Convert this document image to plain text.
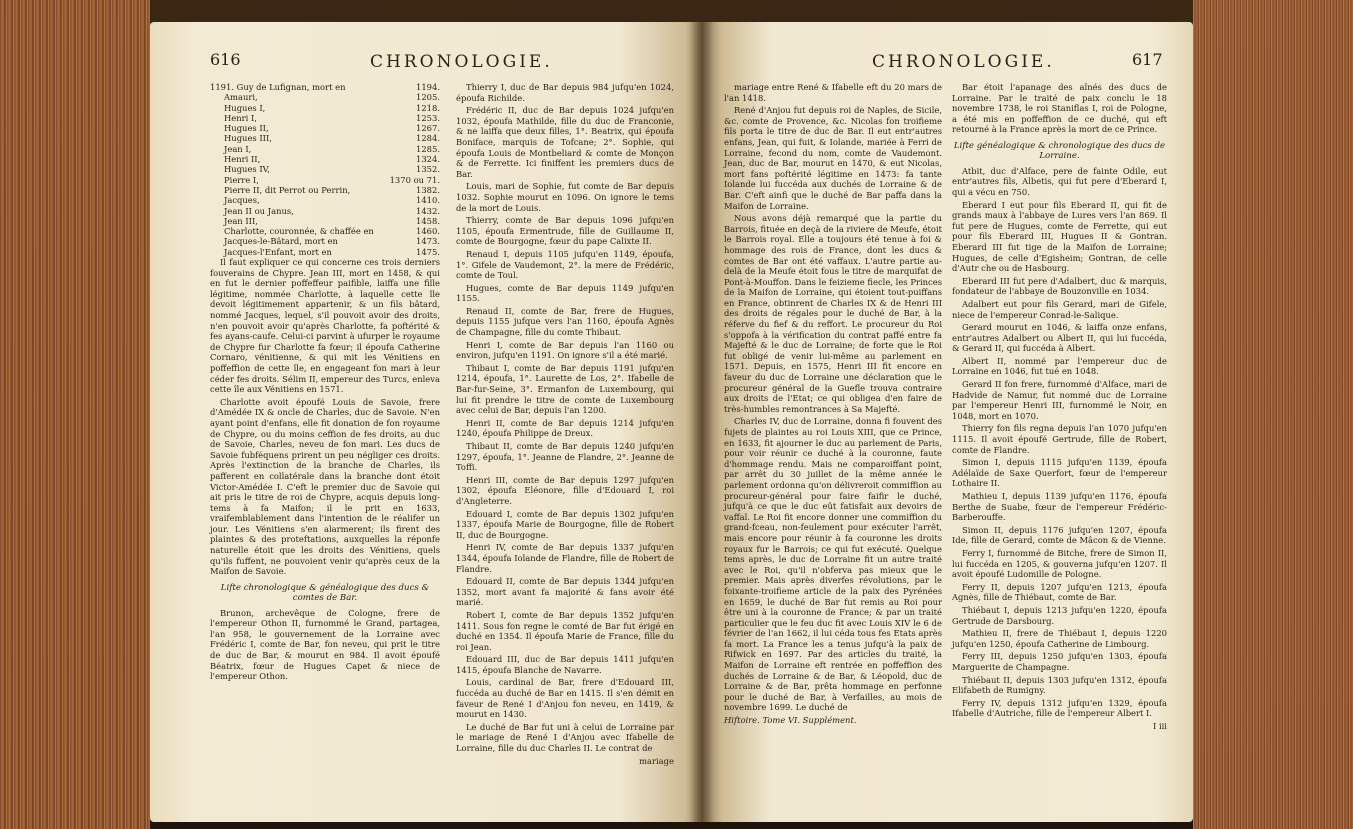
616	CHRONOLOGIE.
1191. Guy de Lufignan, mort en	1194.
Amauri,	1205.
Hugues I,	1218.
Henri I,	1253.
Hugues II,	1267.
Hugues III,	1284.
Jean I,	1285.
Henri II,	1324.
Hugues IV,	1352.
Pierre I,	1370 ou 71.
Pierre II, dit Perrot ou Perrin,	1382.
Jacques,	1410.
Jean II ou Janus,	1432.
Jean III,	1458.
Charlotte, couronnée, & chaffée en	1460.
Jacques-le-Bâtard, mort en	1473.
Jacques-l'Enfant, mort en	1475.

Il faut expliquer ce qui concerne ces trois derniers fouverains de Chypre. Jean III, mort en 1458, & qui en fut le dernier poffeffeur paifible, laiffa une fille légitime, nommée Charlotte, à laquelle cette île devoit légitimement appartenir, & un fils bâtard, nommé Jacques, lequel, s'il pouvoit avoir des droits, n'en pouvoit avoir qu'après Charlotte, fa poftérité & fes ayans-caufe. Celui-ci parvint à ufurper le royaume de Chypre fur Charlotte fa fœur; il époufa Catherine Cornaro, vénitienne, & qui mit les Vénitiens en poffeffion de cette île, en engageant fon mari à leur céder fes droits. Sélim II, empereur des Turcs, enleva cette île aux Vénitiens en 1571.

Charlotte avoit époufé Louis de Savoie, frere d'Amédée IX & oncle de Charles, duc de Savoie. N'en ayant point d'enfans, elle fit donation de fon royaume de Chypre, ou du moins ceffion de fes droits, au duc de Savoie, Charles, neveu de fon mari. Les ducs de Savoie fubféquens prirent un peu négliger ces droits. Après l'extinction de la branche de Charles, ils pafferent en collatérale dans la branche dont étoit Victor-Amédée I. C'eft le premier duc de Savoie qui ait pris le titre de roi de Chypre, acquis depuis long-tems à fa Maifon; il le prit en 1633, vraifemblablement dans l'intention de le réalifer un jour. Les Vénitiens s'en alarmerent; ils firent des plaintes & des proteftations, auxquelles la réponfe naturelle étoit que les droits des Vénitiens, quels qu'ils fuffent, ne pouvoient venir qu'après ceux de la Maifon de Savoie.

Lifte chronologique & généalogique des ducs & comtes de Bar.

Brunon, archevêque de Cologne, frere de l'empereur Othon II, furnommé le Grand, partagea, l'an 958, le gouvernement de la Lorraine avec Frédéric I, comte de Bar, fon neveu, qui prit le titre de duc de Bar, & mourut en 984. Il avoit époufé Béatrix, fœur de Hugues Capet & niece de l'empereur Othon.

Thierry I, duc de Bar depuis 984 jufqu'en 1024, époufa Richilde.

Frédéric II, duc de Bar depuis 1024 jufqu'en 1032, époufa Mathilde, fille du duc de Franconie, & ne laiffa que deux filles, 1°. Beatrix, qui époufa Boniface, marquis de Tofcane; 2°. Sophie, qui époufa Louis de Montbeliard & comte de Monçon & de Ferrette. Ici finiffent les premiers ducs de Bar.

Louis, mari de Sophie, fut comte de Bar depuis 1032. Sophie mourut en 1096. On ignore le tems de la mort de Louis.

Thierry, comte de Bar depuis 1096 jufqu'en 1105, époufa Ermentrude, fille de Guillaume II, comte de Bourgogne, fœur du pape Calixte II.

Renaud I, depuis 1105 jufqu'en 1149, époufa, 1°. Gifele de Vaudemont, 2°. la mere de Frédéric, comte de Toul.

Hugues, comte de Bar depuis 1149 jufqu'en 1155.

Renaud II, comte de Bar, frere de Hugues, depuis 1155 jufque vers l'an 1160, époufa Agnès de Champagne, fille du comte Thibaut.

Henri I, comte de Bar depuis l'an 1160 ou environ, jufqu'en 1191. On ignore s'il a été marié.

Thibaut I, comte de Bar depuis 1191 jufqu'en 1214, époufa, 1°. Laurette de Los, 2°. Ifabelle de Bar-fur-Seine, 3°. Ermanfon de Luxembourg, qui lui fit prendre le titre de comte de Luxembourg avec celui de Bar, depuis l'an 1200.

Henri II, comte de Bar depuis 1214 jufqu'en 1240, époufa Philippe de Dreux.

Thibaut II, comte de Bar depuis 1240 jufqu'en 1297, époufa, 1°. Jeanne de Flandre, 2°. Jeanne de Toffi.

Henri III, comte de Bar depuis 1297 jufqu'en 1302, époufa Eléonore, fille d'Edouard I, roi d'Angleterre.

Edouard I, comte de Bar depuis 1302 jufqu'en 1337, époufa Marie de Bourgogne, fille de Robert II, duc de Bourgogne.

Henri IV, comte de Bar depuis 1337 jufqu'en 1344, époufa Iolande de Flandre, fille de Robert de Flandre.

Edouard II, comte de Bar depuis 1344 jufqu'en 1352, mort avant fa majorité & fans avoir été marié.

Robert I, comte de Bar depuis 1352 jufqu'en 1411. Sous fon regne le comté de Bar fut érigé en duché en 1354. Il époufa Marie de France, fille du roi Jean.

Edouard III, duc de Bar depuis 1411 jufqu'en 1415, époufa Blanche de Navarre.

Louis, cardinal de Bar, frere d'Edouard III, fuccéda au duché de Bar en 1415. Il s'en démit en faveur de René I d'Anjou fon neveu, en 1419, & mourut en 1430.

Le duché de Bar fut uni à celui de Lorraine par le mariage de René I d'Anjou avec Ifabelle de Lorraine, fille du duc Charles II. Le contrat de

mariage
CHRONOLOGIE.	617

mariage entre René & Ifabelle eft du 20 mars de l'an 1418.

René d'Anjou fut depuis roi de Naples, de Sicile, &c. comte de Provence, &c. Nicolas fon troifieme fils porta le titre de duc de Bar. Il eut entr'autres enfans, Jean, qui fuit, & Iolande, mariée à Ferri de Lorraine, fecond du nom, comte de Vaudemont. Jean, duc de Bar, mourut en 1470, & eut Nicolas, mort fans poftérité légitime en 1473: fa tante Iolande lui fuccéda aux duchés de Lorraine & de Bar. C'eft ainfi que le duché de Bar paffa dans la Maifon de Lorraine.

Nous avons déjà remarqué que la partie du Barrois, fituée en deçà de la riviere de Meufe, étoit le Barrois royal. Elle a toujours été tenue à foi & hommage des rois de France, dont les ducs & comtes de Bar ont été vaffaux. L'autre partie au-delà de la Meufe étoit fous le titre de marquifat de Pont-à-Mouffon. Dans le feizieme fiecle, les Princes de la Maifon de Lorraine, qui étoient tout-puiffans en France, obtinrent de Charles IX & de Henri III des droits de régales pour le duché de Bar, à la réferve du fief & du reffort. Le procureur du Roi s'oppofa à la vérification du contrat paffé entre fa Majefté & le duc de Lorraine; de forte que le Roi fut obligé de venir lui-même au parlement en 1571. Depuis, en 1575, Henri III fit encore en faveur du duc de Lorraine une déclaration que le procureur général de la Guefle trouva contraire aux droits de l'Etat; ce qui obligea d'en faire de très-humbles remontrances à Sa Majefté.

Charles IV, duc de Lorraine, donna fi fouvent des fujets de plaintes au roi Louis XIII, que ce Prince, en 1633, fit ajourner le duc au parlement de Paris, pour voir réunir ce duché à la couronne, faute d'hommage rendu. Mais ne comparoiffant point, par arrêt du 30 juillet de la même année le parlement ordonna qu'on délivreroit commiffion au procureur-général pour faire faifir le duché, jufqu'à ce que le duc eût fatisfait aux devoirs de vaffal. Le Roi fit encore donner une commiffion du grand-fceau, non-feulement pour exécuter l'arrêt, mais encore pour réunir à fa couronne les droits royaux fur le Barrois; ce qui fut exécuté. Quelque tems après, le duc de Lorraine fit un autre traité avec le Roi, qu'il n'obferva pas mieux que le premier. Mais après diverfes révolutions, par le foixante-troifieme article de la paix des Pyrénées en 1659, le duché de Bar fut remis au Roi pour être uni à la couronne de France; & par un traité particulier que le feu duc fit avec Louis XIV le 6 de février de l'an 1662, il lui céda tous fes Etats après fa mort. La France les a tenus jufqu'à la paix de Rifwick en 1697. Par des articles du traité, la Maifon de Lorraine eft rentrée en poffeffion des duchés de Lorraine & de Bar, & Léopold, duc de Lorraine & de Bar, prêta hommage en perfonne pour le duché de Bar, à Verfailles, au mois de novembre 1699. Le duché de

Hiftoire. Tome VI. Supplément.

Bar étoit l'apanage des aînés des ducs de Lorraine. Par le traité de paix conclu le 18 novembre 1738, le roi Staniflas I, roi de Pologne, a été mis en poffeffion de ce duché, qui eft retourné à la France après la mort de ce Prince.

Lifte généalogique & chronologique des ducs de Lorraine.

Atbit, duc d'Alface, pere de fainte Odile, eut entr'autres fils, Albetis, qui fut pere d'Eberard I, qui a vécu en 750.

Eberard I eut pour fils Eberard II, qui fit de grands maux à l'abbaye de Lures vers l'an 869. Il fut pere de Hugues, comte de Ferrette, qui eut pour fils Eberard III, Hugues II & Gontran. Eberard III fut tige de la Maifon de Lorraine; Hugues, de celle d'Egisheim; Gontran, de celle d'Autr che ou de Hasbourg.

Eberard III fut pere d'Adalbert, duc & marquis, fondateur de l'abbaye de Bouzonville en 1034.

Adalbert eut pour fils Gerard, mari de Gifele, niece de l'empereur Conrad-le-Salique.

Gerard mourut en 1046, & laiffa onze enfans, entr'autres Adalbert ou Albert II, qui lui fuccéda, & Gerard II, qui fuccéda à Albert.

Albert II, nommé par l'empereur duc de Lorraine en 1046, fut tué en 1048.

Gerard II fon frere, furnommé d'Alface, mari de Hadvide de Namur, fut nommé duc de Lorraine par l'empereur Henri III, furnommé le Noir, en 1048, mort en 1070.

Thierry fon fils regna depuis l'an 1070 jufqu'en 1115. Il avoit époufé Gertrude, fille de Robert, comte de Flandre.

Simon I, depuis 1115 jufqu'en 1139, époufa Adélaïde de Saxe Querfort, fœur de l'empereur Lothaire II.

Mathieu I, depuis 1139 jufqu'en 1176, époufa Berthe de Suabe, fœur de l'empereur Frédéric-Barberouffe.

Simon II, depuis 1176 jufqu'en 1207, époufa Ide, fille de Gerard, comte de Mâcon & de Vienne.

Ferry I, furnommé de Bitche, frere de Simon II, lui fuccéda en 1205, & gouverna jufqu'en 1207. Il avoit époufé Ludomille de Pologne.

Ferry II, depuis 1207 jufqu'en 1213, époufa Agnès, fille de Thiébaut, comte de Bar.

Thiébaut I, depuis 1213 jufqu'en 1220, époufa Gertrude de Darsbourg.

Mathieu II, frere de Thiébaut I, depuis 1220 jufqu'en 1250, époufa Catherine de Limbourg.

Ferry III, depuis 1250 jufqu'en 1303, époufa Marguerite de Champagne.

Thiébaut II, depuis 1303 jufqu'en 1312, époufa Elifabeth de Rumigny.

Ferry IV, depuis 1312 jufqu'en 1329, époufa Ifabelle d'Autriche, fille de l'empereur Albert I.

I iii
